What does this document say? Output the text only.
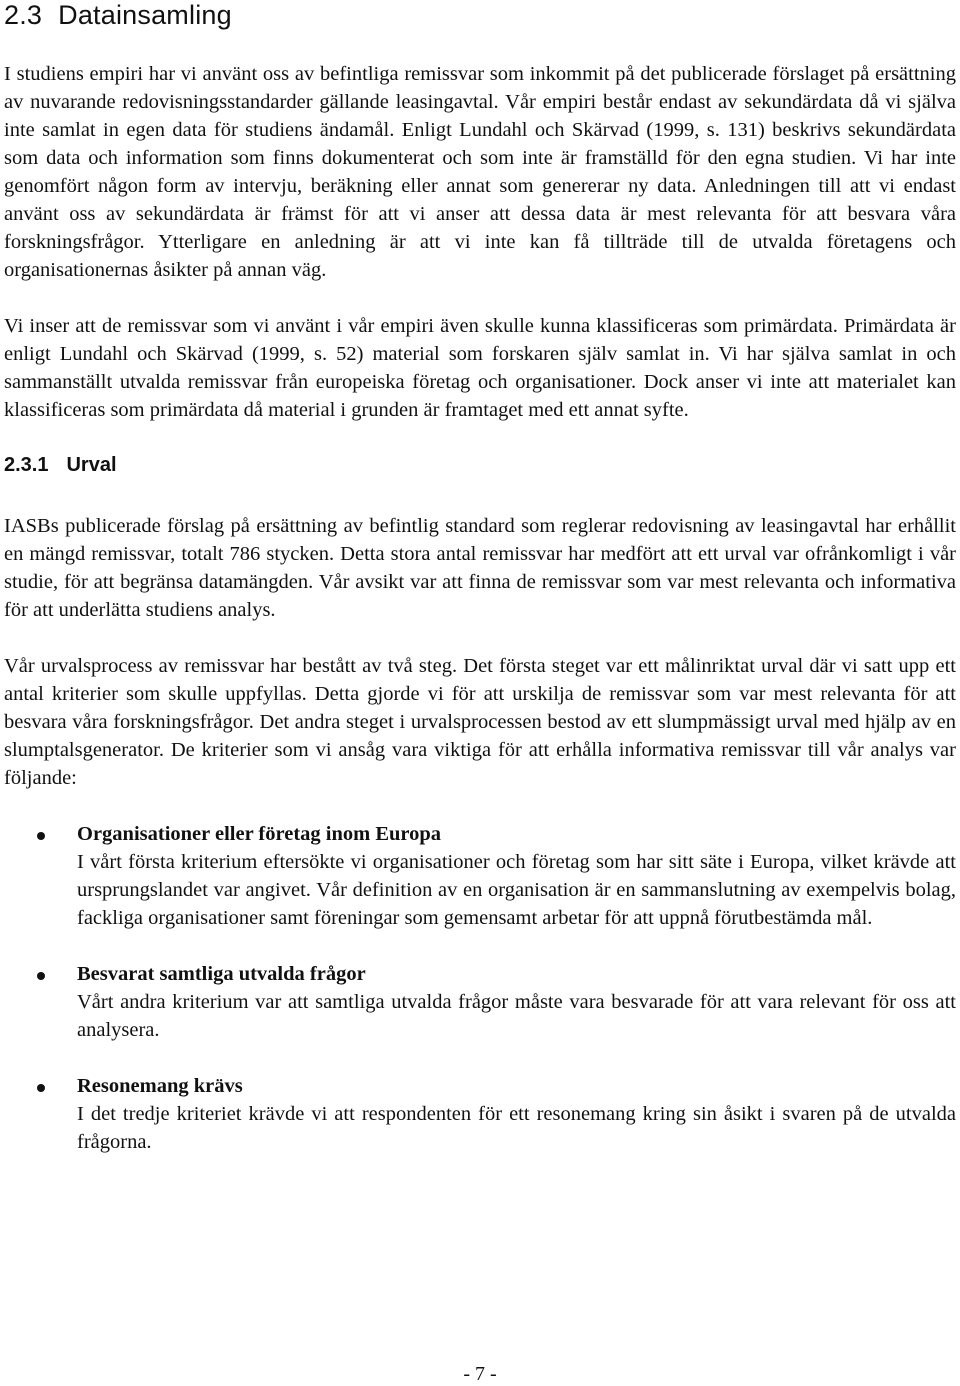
2.3 Datainsamling

I studiens empiri har vi använt oss av befintliga remissvar som inkommit på det publicerade förslaget på ersättning av nuvarande redovisningsstandarder gällande leasingavtal. Vår empiri består endast av sekundärdata då vi själva inte samlat in egen data för studiens ändamål. Enligt Lundahl och Skärvad (1999, s. 131) beskrivs sekundärdata som data och information som finns dokumenterat och som inte är framställd för den egna studien. Vi har inte genomfört någon form av intervju, beräkning eller annat som genererar ny data. Anledningen till att vi endast använt oss av sekundärdata är främst för att vi anser att dessa data är mest relevanta för att besvara våra forskningsfrågor. Ytterligare en anledning är att vi inte kan få tillträde till de utvalda företagens och organisationernas åsikter på annan väg.

Vi inser att de remissvar som vi använt i vår empiri även skulle kunna klassificeras som primärdata. Primärdata är enligt Lundahl och Skärvad (1999, s. 52) material som forskaren själv samlat in. Vi har själva samlat in och sammanställt utvalda remissvar från europeiska företag och organisationer. Dock anser vi inte att materialet kan klassificeras som primärdata då material i grunden är framtaget med ett annat syfte.

2.3.1 Urval

IASBs publicerade förslag på ersättning av befintlig standard som reglerar redovisning av leasingavtal har erhållit en mängd remissvar, totalt 786 stycken. Detta stora antal remissvar har medfört att ett urval var ofrånkomligt i vår studie, för att begränsa datamängden. Vår avsikt var att finna de remissvar som var mest relevanta och informativa för att underlätta studiens analys.

Vår urvalsprocess av remissvar har bestått av två steg. Det första steget var ett målinriktat urval där vi satt upp ett antal kriterier som skulle uppfyllas. Detta gjorde vi för att urskilja de remissvar som var mest relevanta för att besvara våra forskningsfrågor. Det andra steget i urvalsprocessen bestod av ett slumpmässigt urval med hjälp av en slumptalsgenerator. De kriterier som vi ansåg vara viktiga för att erhålla informativa remissvar till vår analys var följande:

Organisationer eller företag inom Europa
I vårt första kriterium eftersökte vi organisationer och företag som har sitt säte i Europa, vilket krävde att ursprungslandet var angivet. Vår definition av en organisation är en sammanslutning av exempelvis bolag, fackliga organisationer samt föreningar som gemensamt arbetar för att uppnå förutbestämda mål.
Besvarat samtliga utvalda frågor
Vårt andra kriterium var att samtliga utvalda frågor måste vara besvarade för att vara relevant för oss att analysera.
Resonemang krävs
I det tredje kriteriet krävde vi att respondenten för ett resonemang kring sin åsikt i svaren på de utvalda frågorna.
- 7 -
